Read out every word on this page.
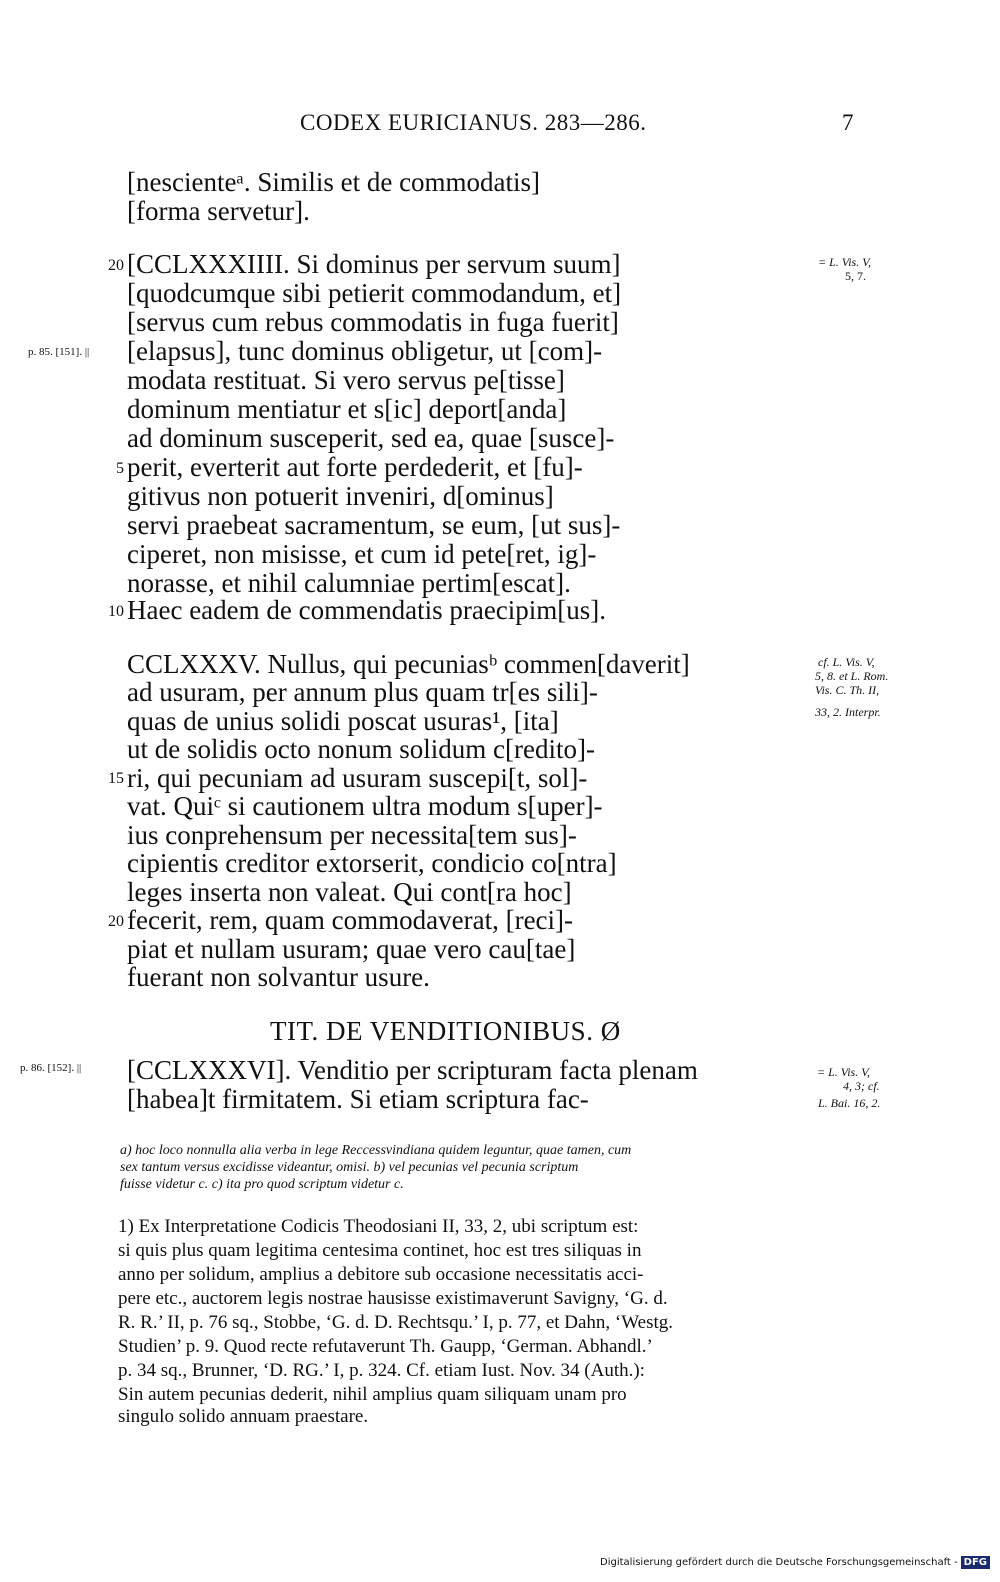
CODEX EURICIANUS. 283—286.	7
[nescienteᵃ. Similis et de commodatis]
[forma servetur].
[CCLXXXIIII. Si dominus per servum suum]
[quodcumque sibi petierit commodandum, et]
[servus cum rebus commodatis in fuga fuerit]
[elapsus], tunc dominus obligetur, ut [com]-
modata restituat. Si vero servus pe[tisse]
dominum mentiatur et s[ic] deport[anda]
ad dominum susceperit, sed ea, quae [susce]-
perit, everterit aut forte perdederit, et [fu]-
gitivus non potuerit inveniri, d[ominus]
servi praebeat sacramentum, se eum, [ut sus]-
ciperet, non misisse, et cum id pete[ret, ig]-
norasse, et nihil calumniae pertim[escat].
Haec eadem de commendatis praecipim[us].
CCLXXXV. Nullus, qui pecuniasᵇ commen[daverit]
ad usuram, per annum plus quam tr[es sili]-
quas de unius solidi poscat usuras¹, [ita]
ut de solidis octo nonum solidum c[redito]-
ri, qui pecuniam ad usuram suscepi[t, sol]-
vat. Quiᶜ si cautionem ultra modum s[uper]-
ius conprehensum per necessita[tem sus]-
cipientis creditor extorserit, condicio co[ntra]
leges inserta non valeat. Qui cont[ra hoc]
fecerit, rem, quam commodaverat, [reci]-
piat et nullam usuram; quae vero cau[tae]
fuerant non solvantur usure.
20
5
10
15
20
p. 85. [151]. ||
p. 86. [152]. ||
= L. Vis. V,
5, 7.
cf. L. Vis. V,
5, 8. et L. Rom.
Vis. C. Th. II,
33, 2. Interpr.
= L. Vis. V,
4, 3; cf.
L. Bai. 16, 2.
TIT. DE VENDITIONIBUS. Ø
[CCLXXXVI]. Venditio per scripturam facta plenam
[habea]t firmitatem. Si etiam scriptura fac-
a) hoc loco nonnulla alia verba in lege Reccessvindiana quidem leguntur, quae tamen, cum
sex tantum versus excidisse videantur, omisi. b) vel pecunias vel pecunia scriptum
fuisse videtur c. c) ita pro quod scriptum videtur c.
1) Ex Interpretatione Codicis Theodosiani II, 33, 2, ubi scriptum est:
si quis plus quam legitima centesima continet, hoc est tres siliquas in
anno per solidum, amplius a debitore sub occasione necessitatis acci-
pere etc., auctorem legis nostrae hausisse existimaverunt Savigny, ‘G. d.
R. R.’ II, p. 76 sq., Stobbe, ‘G. d. D. Rechtsqu.’ I, p. 77, et Dahn, ‘Westg.
Studien’ p. 9. Quod recte refutaverunt Th. Gaupp, ‘German. Abhandl.’
p. 34 sq., Brunner, ‘D. RG.’ I, p. 324. Cf. etiam Iust. Nov. 34 (Auth.):
Sin autem pecunias dederit, nihil amplius quam siliquam unam pro
singulo solido annuam praestare.
Digitalisierung gefördert durch die Deutsche Forschungsgemeinschaft - DFG
